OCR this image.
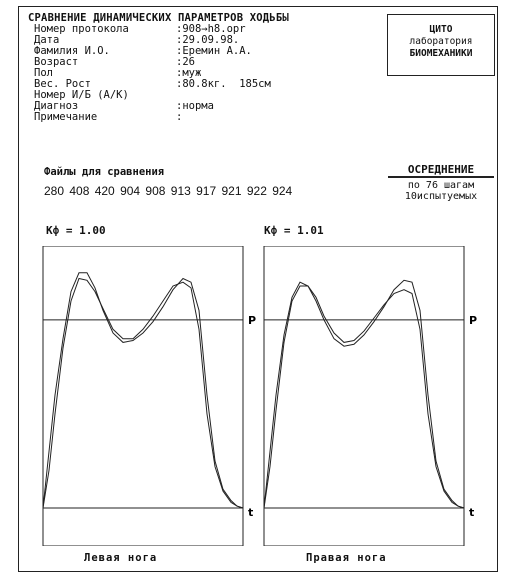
СРАВНЕНИЕ ДИНАМИЧЕСКИХ ПАРАМЕТРОВ ХОДЬБЫ
ЦИТО
лаборатория
БИОМЕХАНИКИ
Номер протокола	:908→h8.opr
Дата	:29.09.98.
Фамилия И.О.	:Еремин А.А.
Возраст	:26
Пол	:муж
Вес. Рост	:80.8кг.  185см
Номер И/Б (А/К)
Диагноз	:норма
Примечание	:
Файлы для сравнения
280 408 420 904 908 913 917 921 922 924
ОСРЕДНЕНИЕ
по 76 шагам
10испытуемых
Кф = 1.00	Кф = 1.01
P
t
P
t
Левая нога	Правая нога
